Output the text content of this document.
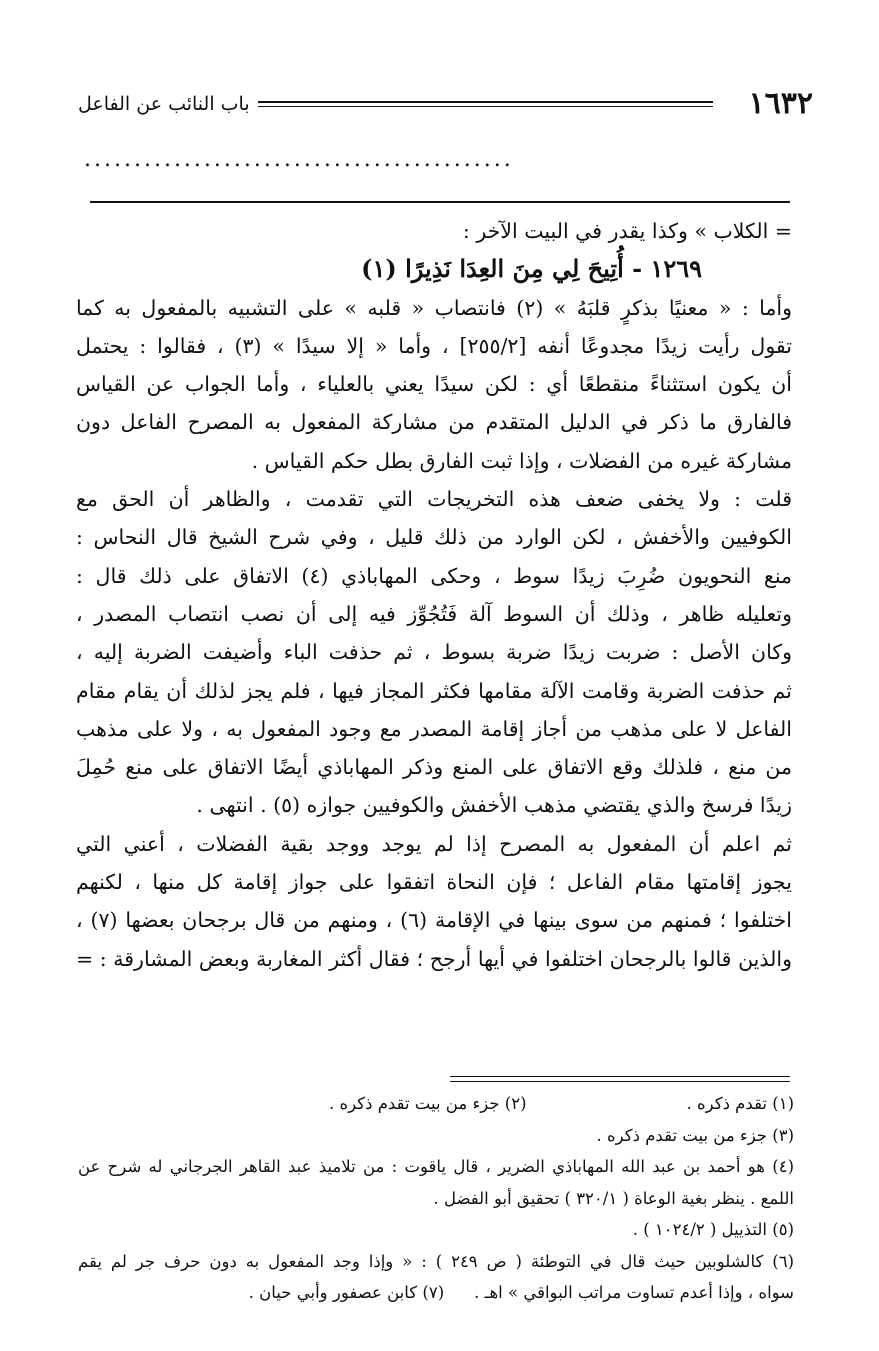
١٦٣٢
باب النائب عن الفاعل
...........................................
= الكلاب » وكذا يقدر في البيت الآخر :
١٢٦٩ - أُتِيحَ لِي مِنَ العِدَا نَذِيرًا (١)
وأما : « معنيًا بذكرٍ قلبَهُ » (٢) فانتصاب « قلبه » على التشبيه بالمفعول به كما
تقول رأيت زيدًا مجدوعًا أنفه [٢٥٥/٢] ، وأما « إلا سيدًا » (٣) ، فقالوا : يحتمل
أن يكون استثناءً منقطعًا أي : لكن سيدًا يعني بالعلياء ، وأما الجواب عن القياس
فالفارق ما ذكر في الدليل المتقدم من مشاركة المفعول به المصرح الفاعل دون
مشاركة غيره من الفضلات ، وإذا ثبت الفارق بطل حكم القياس .
قلت : ولا يخفى ضعف هذه التخريجات التي تقدمت ، والظاهر أن الحق مع
الكوفيين والأخفش ، لكن الوارد من ذلك قليل ، وفي شرح الشيخ قال النحاس :
منع النحويون ضُرِبَ زيدًا سوط ، وحكى المهاباذي (٤) الاتفاق على ذلك قال :
وتعليله ظاهر ، وذلك أن السوط آلة فَتُجُوِّز فيه إلى أن نصب انتصاب المصدر ،
وكان الأصل : ضربت زيدًا ضربة بسوط ، ثم حذفت الباء وأضيفت الضربة إليه ،
ثم حذفت الضربة وقامت الآلة مقامها فكثر المجاز فيها ، فلم يجز لذلك أن يقام مقام
الفاعل لا على مذهب من أجاز إقامة المصدر مع وجود المفعول به ، ولا على مذهب
من منع ، فلذلك وقع الاتفاق على المنع وذكر المهاباذي أيضًا الاتفاق على منع حُمِلَ
زيدًا فرسخ والذي يقتضي مذهب الأخفش والكوفيين جوازه (٥) . انتهى .
ثم اعلم أن المفعول به المصرح إذا لم يوجد ووجد بقية الفضلات ، أعني التي
يجوز إقامتها مقام الفاعل ؛ فإن النحاة اتفقوا على جواز إقامة كل منها ، لكنهم
اختلفوا ؛ فمنهم من سوى بينها في الإقامة (٦) ، ومنهم من قال برجحان بعضها (٧) ،
والذين قالوا بالرجحان اختلفوا في أيها أرجح ؛ فقال أكثر المغاربة وبعض المشارقة : =
(١) تقدم ذكره .
(٢) جزء من بيت تقدم ذكره .
(٣) جزء من بيت تقدم ذكره .
(٤) هو أحمد بن عبد الله المهاباذي الضرير ، قال ياقوت : من تلاميذ عبد القاهر الجرجاني له شرح عن
اللمع . ينظر بغية الوعاة ( ٣٢٠/١ ) تحقيق أبو الفضل .
(٥) التذييل ( ١٠٢٤/٢ ) .
(٦) كالشلوبين حيث قال في التوطئة ( ص ٢٤٩ ) : « وإذا وجد المفعول به دون حرف جر لم يقم
سواه ، وإذا أعدم تساوت مراتب البواقي » اهـ .
(٧) كابن عصفور وأبي حيان .
